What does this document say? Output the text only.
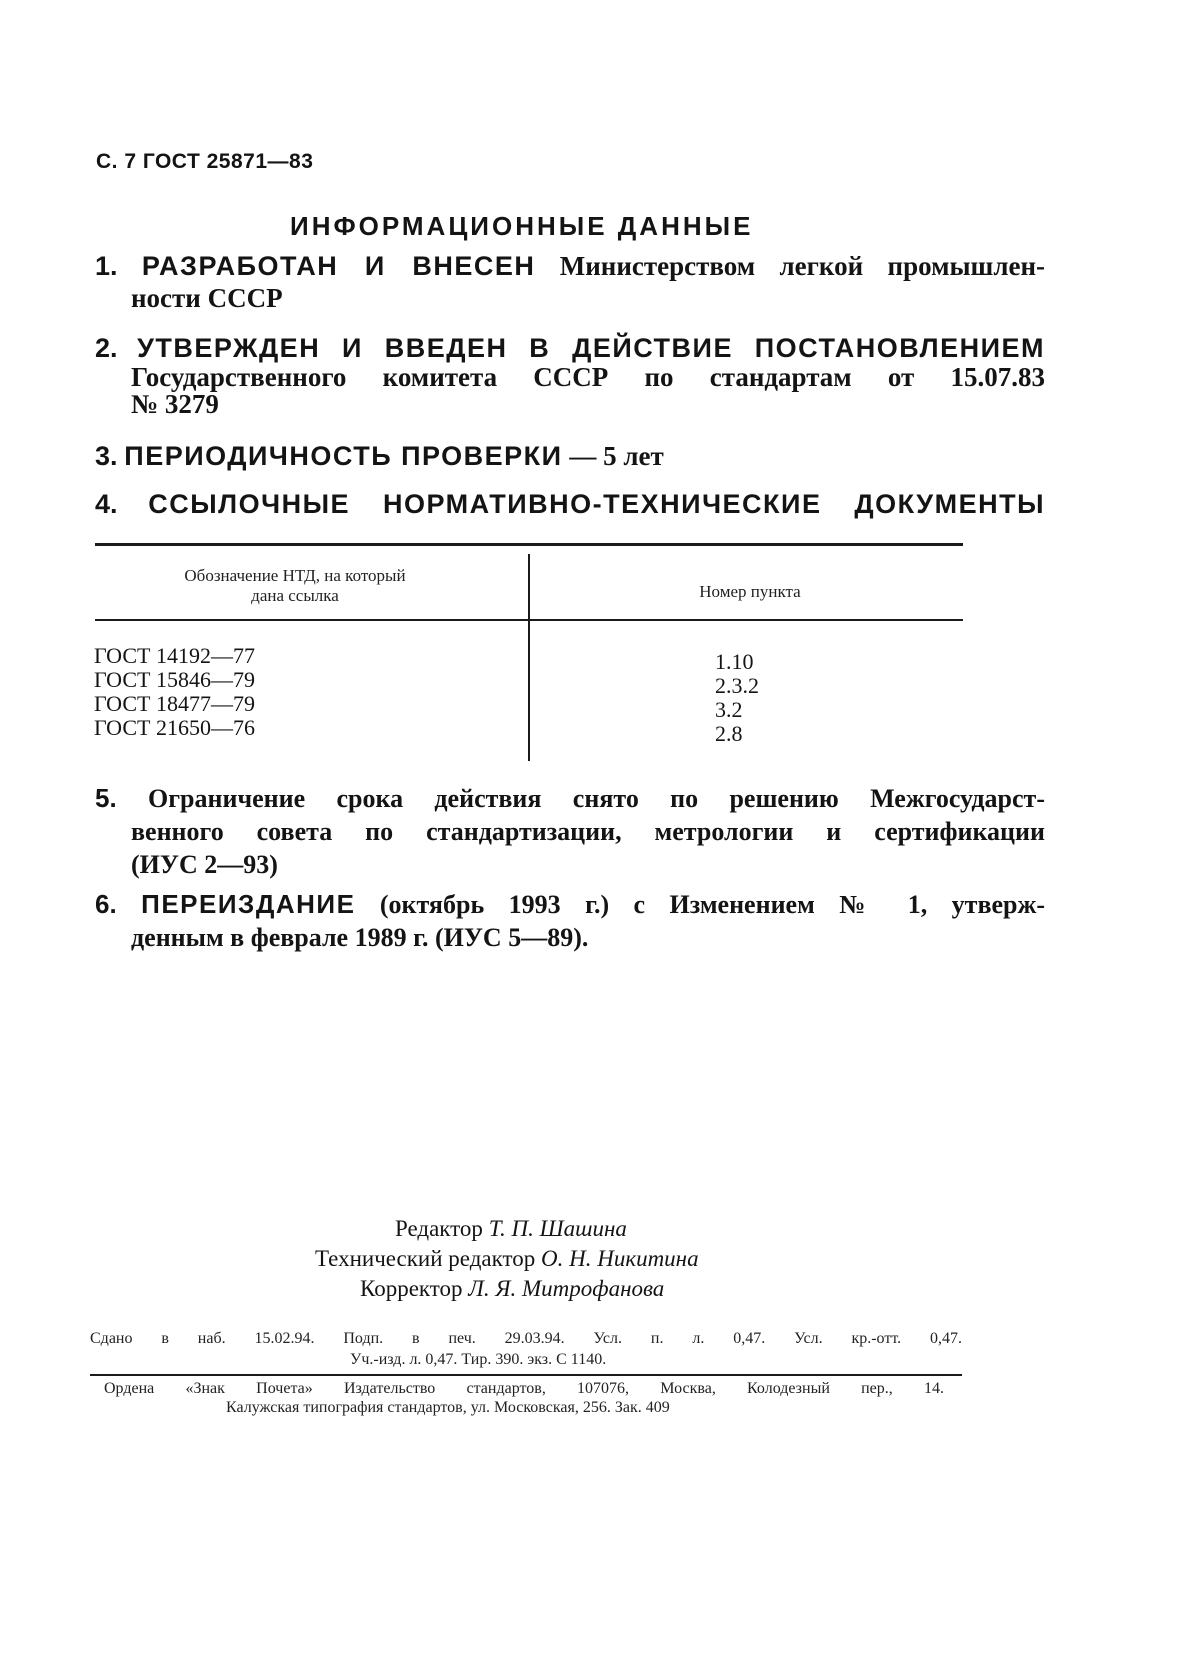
С. 7 ГОСТ 25871—83
ИНФОРМАЦИОННЫЕ ДАННЫЕ
1. РАЗРАБОТАН И ВНЕСЕН Министерством легкой промышлен-
ности СССР
2. УТВЕРЖДЕН И ВВЕДЕН В ДЕЙСТВИЕ ПОСТАНОВЛЕНИЕМ
Государственного комитета СССР по стандартам от 15.07.83
№ 3279
3. ПЕРИОДИЧНОСТЬ ПРОВЕРКИ — 5 лет
4. ССЫЛОЧНЫЕ НОРМАТИВНО-ТЕХНИЧЕСКИЕ ДОКУМЕНТЫ
Обозначение НТД, на который
дана ссылка	Номер пункта
ГОСТ 14192—77
ГОСТ 15846—79
ГОСТ 18477—79
ГОСТ 21650—76
1.10
2.3.2
3.2
2.8
5. Ограничение срока действия снято по решению Межгосударст-
венного совета по стандартизации, метрологии и сертификации
(ИУС 2—93)
6. ПЕРЕИЗДАНИЕ (октябрь 1993 г.) с Изменением № 1, утверж-
денным в феврале 1989 г. (ИУС 5—89).
Редактор Т. П. Шашина
Технический редактор О. Н. Никитина
Корректор Л. Я. Митрофанова
Сдано в наб. 15.02.94. Подп. в печ. 29.03.94. Усл. п. л. 0,47. Усл. кр.-отт. 0,47.
Уч.-изд. л. 0,47. Тир. 390. экз. С 1140.
Ордена «Знак Почета» Издательство стандартов, 107076, Москва, Колодезный пер., 14.
Калужская типография стандартов, ул. Московская, 256. Зак. 409
